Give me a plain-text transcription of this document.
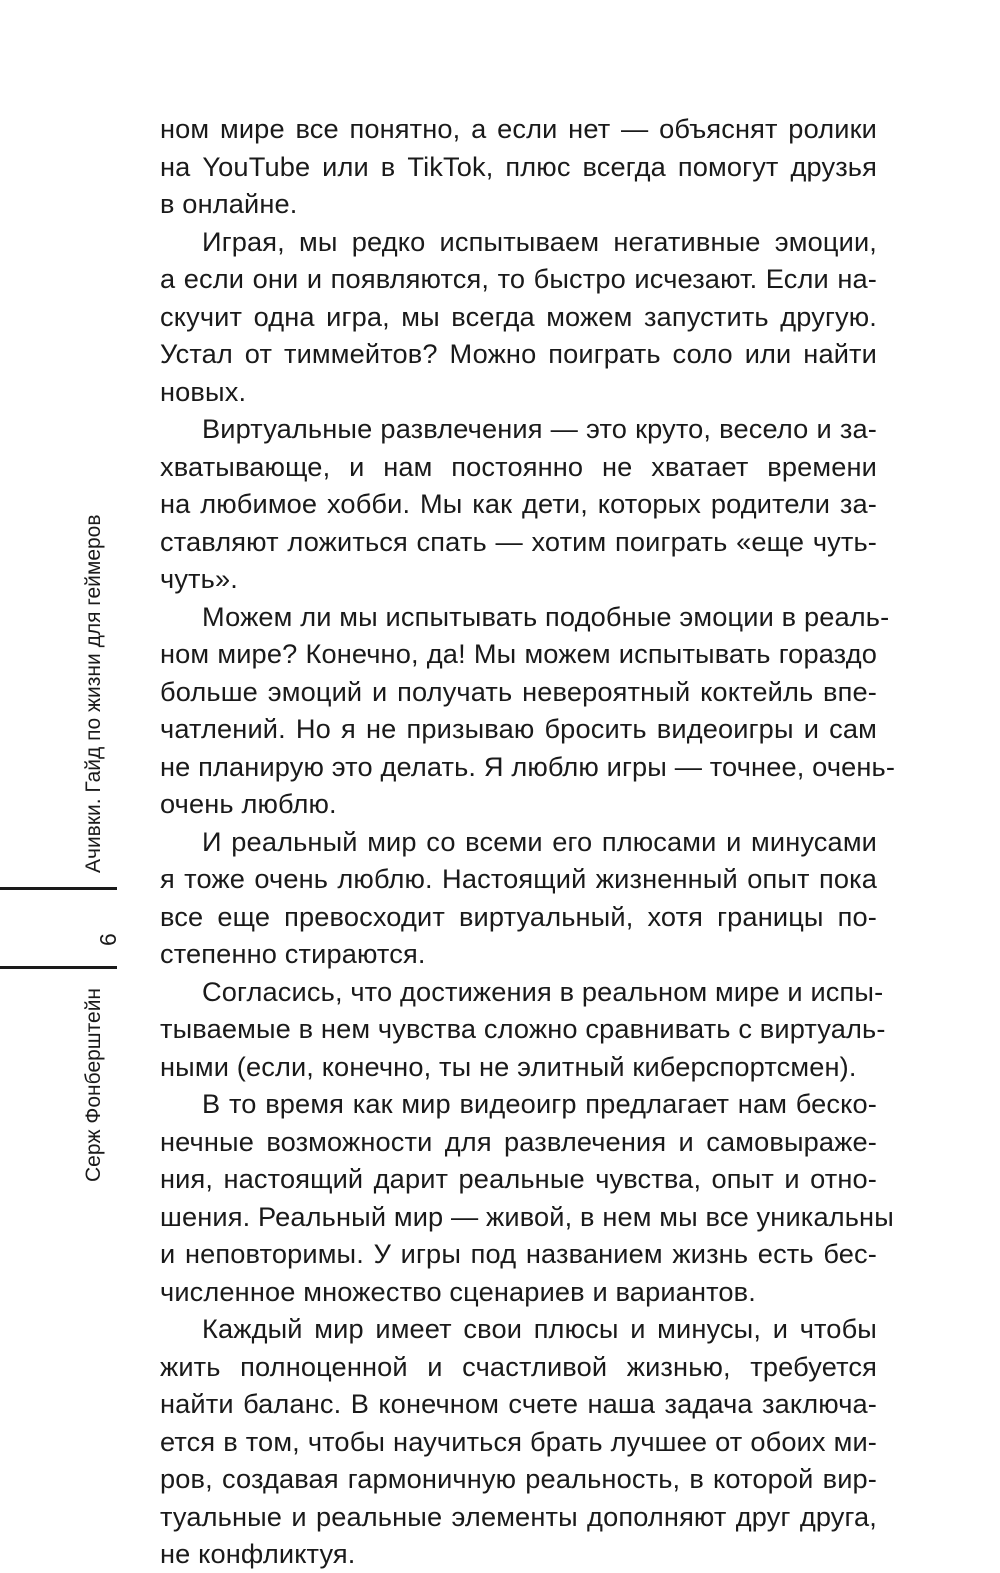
Ачивки. Гайд по жизни для геймеров
6
Серж Фонберштейн
ном мире все понятно, а если нет — объяснят ролики
на YouTube или в TikTok, плюс всегда помогут друзья
в онлайне.
Играя, мы редко испытываем негативные эмоции,
а если они и появляются, то быстро исчезают. Если на-
скучит одна игра, мы всегда можем запустить другую.
Устал от тиммейтов? Можно поиграть соло или найти
новых.
Виртуальные развлечения — это круто, весело и за-
хватывающе, и нам постоянно не хватает времени
на любимое хобби. Мы как дети, которых родители за-
ставляют ложиться спать — хотим поиграть «еще чуть-
чуть».
Можем ли мы испытывать подобные эмоции в реаль-
ном мире? Конечно, да! Мы можем испытывать гораздо
больше эмоций и получать невероятный коктейль впе-
чатлений. Но я не призываю бросить видеоигры и сам
не планирую это делать. Я люблю игры — точнее, очень-
очень люблю.
И реальный мир со всеми его плюсами и минусами
я тоже очень люблю. Настоящий жизненный опыт пока
все еще превосходит виртуальный, хотя границы по-
степенно стираются.
Согласись, что достижения в реальном мире и испы-
тываемые в нем чувства сложно сравнивать с виртуаль-
ными (если, конечно, ты не элитный киберспортсмен).
В то время как мир видеоигр предлагает нам беско-
нечные возможности для развлечения и самовыраже-
ния, настоящий дарит реальные чувства, опыт и отно-
шения. Реальный мир — живой, в нем мы все уникальны
и неповторимы. У игры под названием жизнь есть бес-
численное множество сценариев и вариантов.
Каждый мир имеет свои плюсы и минусы, и чтобы
жить полноценной и счастливой жизнью, требуется
найти баланс. В конечном счете наша задача заключа-
ется в том, чтобы научиться брать лучшее от обоих ми-
ров, создавая гармоничную реальность, в которой вир-
туальные и реальные элементы дополняют друг друга,
не конфликтуя.
